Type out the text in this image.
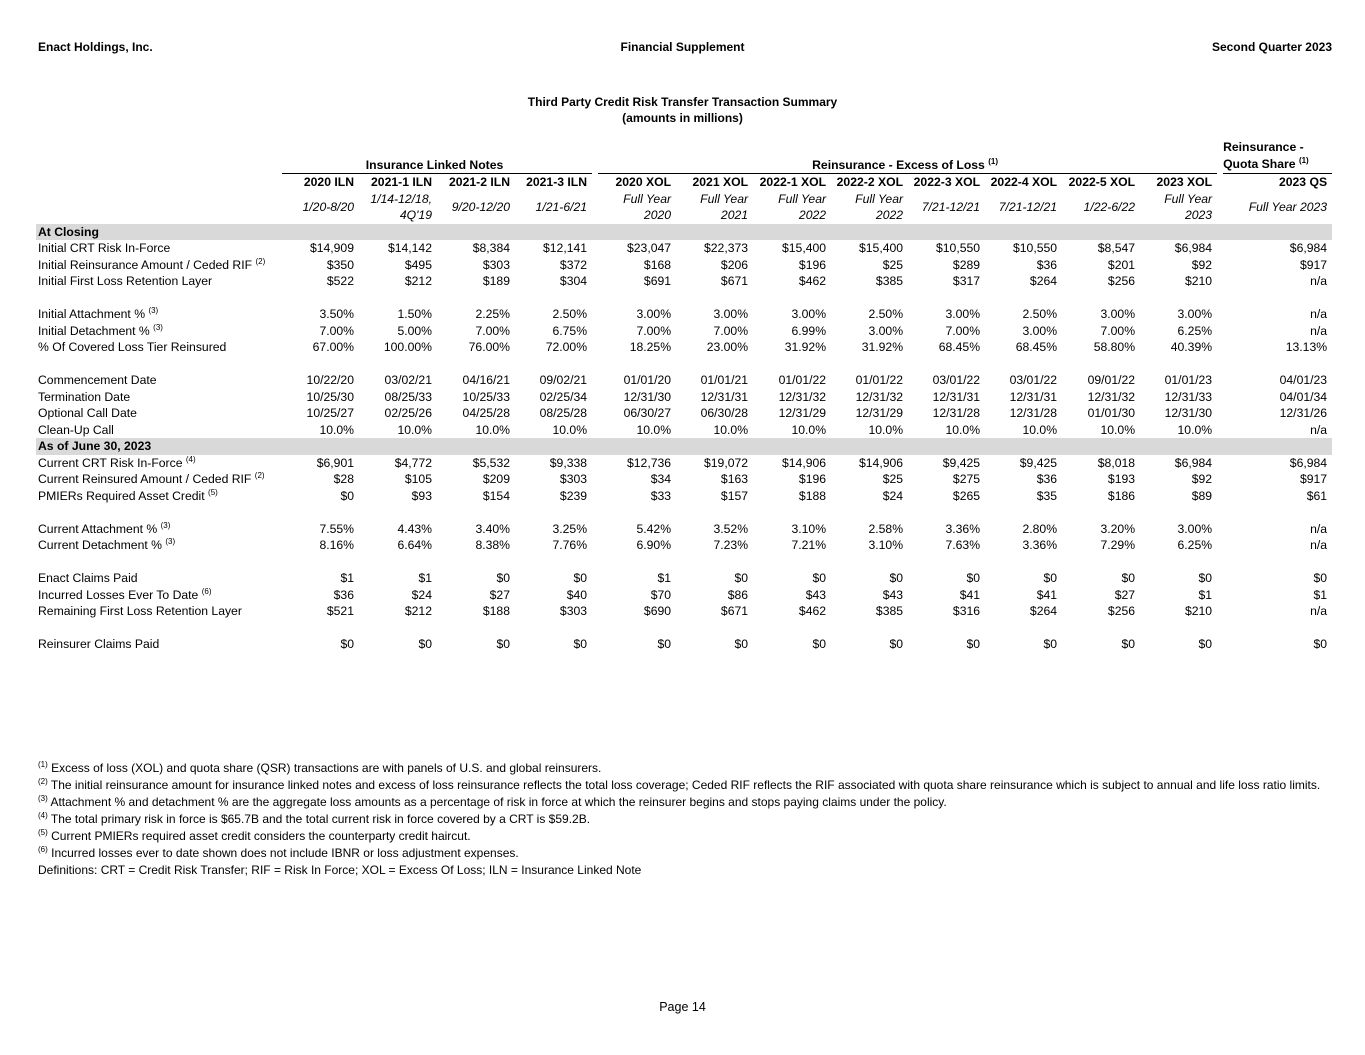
Enact Holdings, Inc.	Financial Supplement	Second Quarter 2023
Third Party Credit Risk Transfer Transaction Summary
(amounts in millions)
	Insurance Linked Notes					Reinsurance - Excess of Loss $^{(1)}$									Reinsurance -
Quota Share $^{(1)}$
	2020 ILN	2021-1 ILN	2021-2 ILN	2021-3 ILN		2020 XOL	2021 XOL	2022-1 XOL	2022-2 XOL	2022-3 XOL	2022-4 XOL	2022-5 XOL	2023 XOL		2023 QS
	1/20-8/20	1/14-12/18, 4Q'19	9/20-12/20	1/21-6/21		Full Year 2020	Full Year 2021	Full Year 2022	Full Year 2022	7/21-12/21	7/21-12/21	1/22-6/22	Full Year 2023		Full Year 2023
At Closing															
Initial CRT Risk In-Force	$14,909	$14,142	$8,384	$12,141		$23,047	$22,373	$15,400	$15,400	$10,550	$10,550	$8,547	$6,984		$6,984
Initial Reinsurance Amount / Ceded RIF $^{(2)}$	$350	$495	$303	$372		$168	$206	$196	$25	$289	$36	$201	$92		$917
Initial First Loss Retention Layer	$522	$212	$189	$304		$691	$671	$462	$385	$317	$264	$256	$210		n/a

Initial Attachment % $^{(3)}$	3.50%	1.50%	2.25%	2.50%		3.00%	3.00%	3.00%	2.50%	3.00%	2.50%	3.00%	3.00%		n/a
Initial Detachment % $^{(3)}$	7.00%	5.00%	7.00%	6.75%		7.00%	7.00%	6.99%	3.00%	7.00%	3.00%	7.00%	6.25%		n/a
% Of Covered Loss Tier Reinsured	67.00%	100.00%	76.00%	72.00%		18.25%	23.00%	31.92%	31.92%	68.45%	68.45%	58.80%	40.39%		13.13%

Commencement Date	10/22/20	03/02/21	04/16/21	09/02/21		01/01/20	01/01/21	01/01/22	01/01/22	03/01/22	03/01/22	09/01/22	01/01/23		04/01/23
Termination Date	10/25/30	08/25/33	10/25/33	02/25/34		12/31/30	12/31/31	12/31/32	12/31/32	12/31/31	12/31/31	12/31/32	12/31/33		04/01/34
Optional Call Date	10/25/27	02/25/26	04/25/28	08/25/28		06/30/27	06/30/28	12/31/29	12/31/29	12/31/28	12/31/28	01/01/30	12/31/30		12/31/26
Clean-Up Call	10.0%	10.0%	10.0%	10.0%		10.0%	10.0%	10.0%	10.0%	10.0%	10.0%	10.0%	10.0%		n/a
As of June 30, 2023															
Current CRT Risk In-Force $^{(4)}$	$6,901	$4,772	$5,532	$9,338		$12,736	$19,072	$14,906	$14,906	$9,425	$9,425	$8,018	$6,984		$6,984
Current Reinsured Amount / Ceded RIF $^{(2)}$	$28	$105	$209	$303		$34	$163	$196	$25	$275	$36	$193	$92		$917
PMIERs Required Asset Credit $^{(5)}$	$0	$93	$154	$239		$33	$157	$188	$24	$265	$35	$186	$89		$61

Current Attachment % $^{(3)}$	7.55%	4.43%	3.40%	3.25%		5.42%	3.52%	3.10%	2.58%	3.36%	2.80%	3.20%	3.00%		n/a
Current Detachment % $^{(3)}$	8.16%	6.64%	8.38%	7.76%		6.90%	7.23%	7.21%	3.10%	7.63%	3.36%	7.29%	6.25%		n/a

Enact Claims Paid	$1	$1	$0	$0		$1	$0	$0	$0	$0	$0	$0	$0		$0
Incurred Losses Ever To Date $^{(6)}$	$36	$24	$27	$40		$70	$86	$43	$43	$41	$41	$27	$1		$1
Remaining First Loss Retention Layer	$521	$212	$188	$303		$690	$671	$462	$385	$316	$264	$256	$210		n/a

Reinsurer Claims Paid	$0	$0	$0	$0		$0	$0	$0	$0	$0	$0	$0	$0		$0
$^{(1)}$ Excess of loss (XOL) and quota share (QSR) transactions are with panels of U.S. and global reinsurers.
$^{(2)}$ The initial reinsurance amount for insurance linked notes and excess of loss reinsurance reflects the total loss coverage; Ceded RIF reflects the RIF associated with quota share reinsurance which is subject to annual and life loss ratio limits.
$^{(3)}$ Attachment % and detachment % are the aggregate loss amounts as a percentage of risk in force at which the reinsurer begins and stops paying claims under the policy.
$^{(4)}$ The total primary risk in force is $65.7B and the total current risk in force covered by a CRT is $59.2B.
$^{(5)}$ Current PMIERs required asset credit considers the counterparty credit haircut.
$^{(6)}$ Incurred losses ever to date shown does not include IBNR or loss adjustment expenses.
Definitions: CRT = Credit Risk Transfer; RIF = Risk In Force; XOL = Excess Of Loss; ILN = Insurance Linked Note
Page 14
